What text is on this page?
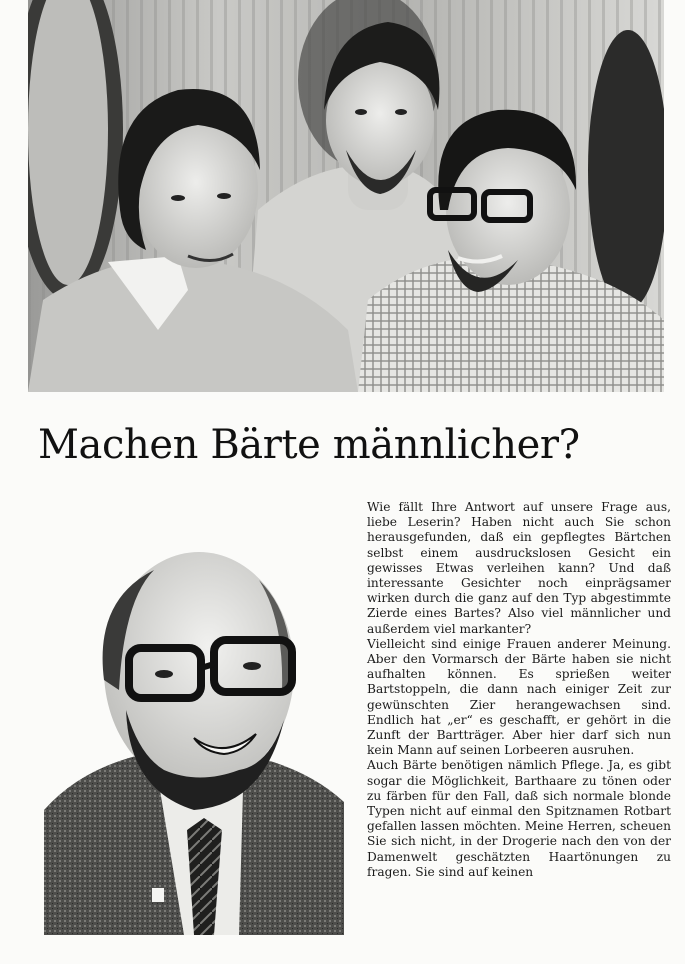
Machen Bärte männlicher?

Wie fällt Ihre Antwort auf unsere Frage aus, liebe Leserin? Haben nicht auch Sie schon herausgefunden, daß ein gepflegtes Bärtchen selbst einem ausdruckslosen Gesicht ein gewisses Etwas verleihen kann? Und daß interessante Gesichter noch einprägsamer wirken durch die ganz auf den Typ abgestimmte Zierde eines Bartes? Also viel männlicher und außerdem viel markanter?

Vielleicht sind einige Frauen anderer Meinung. Aber den Vormarsch der Bärte haben sie nicht aufhalten können. Es sprießen weiter Bartstoppeln, die dann nach einiger Zeit zur gewünschten Zier herangewachsen sind. Endlich hat „er“ es geschafft, er gehört in die Zunft der Bartträger. Aber hier darf sich nun kein Mann auf seinen Lorbeeren ausruhen.

Auch Bärte benötigen nämlich Pflege. Ja, es gibt sogar die Möglichkeit, Barthaare zu tönen oder zu färben für den Fall, daß sich normale blonde Typen nicht auf einmal den Spitznamen Rotbart gefallen lassen möchten. Meine Herren, scheuen Sie sich nicht, in der Drogerie nach den von der Damenwelt geschätzten Haartönungen zu fragen. Sie sind auf keinen
